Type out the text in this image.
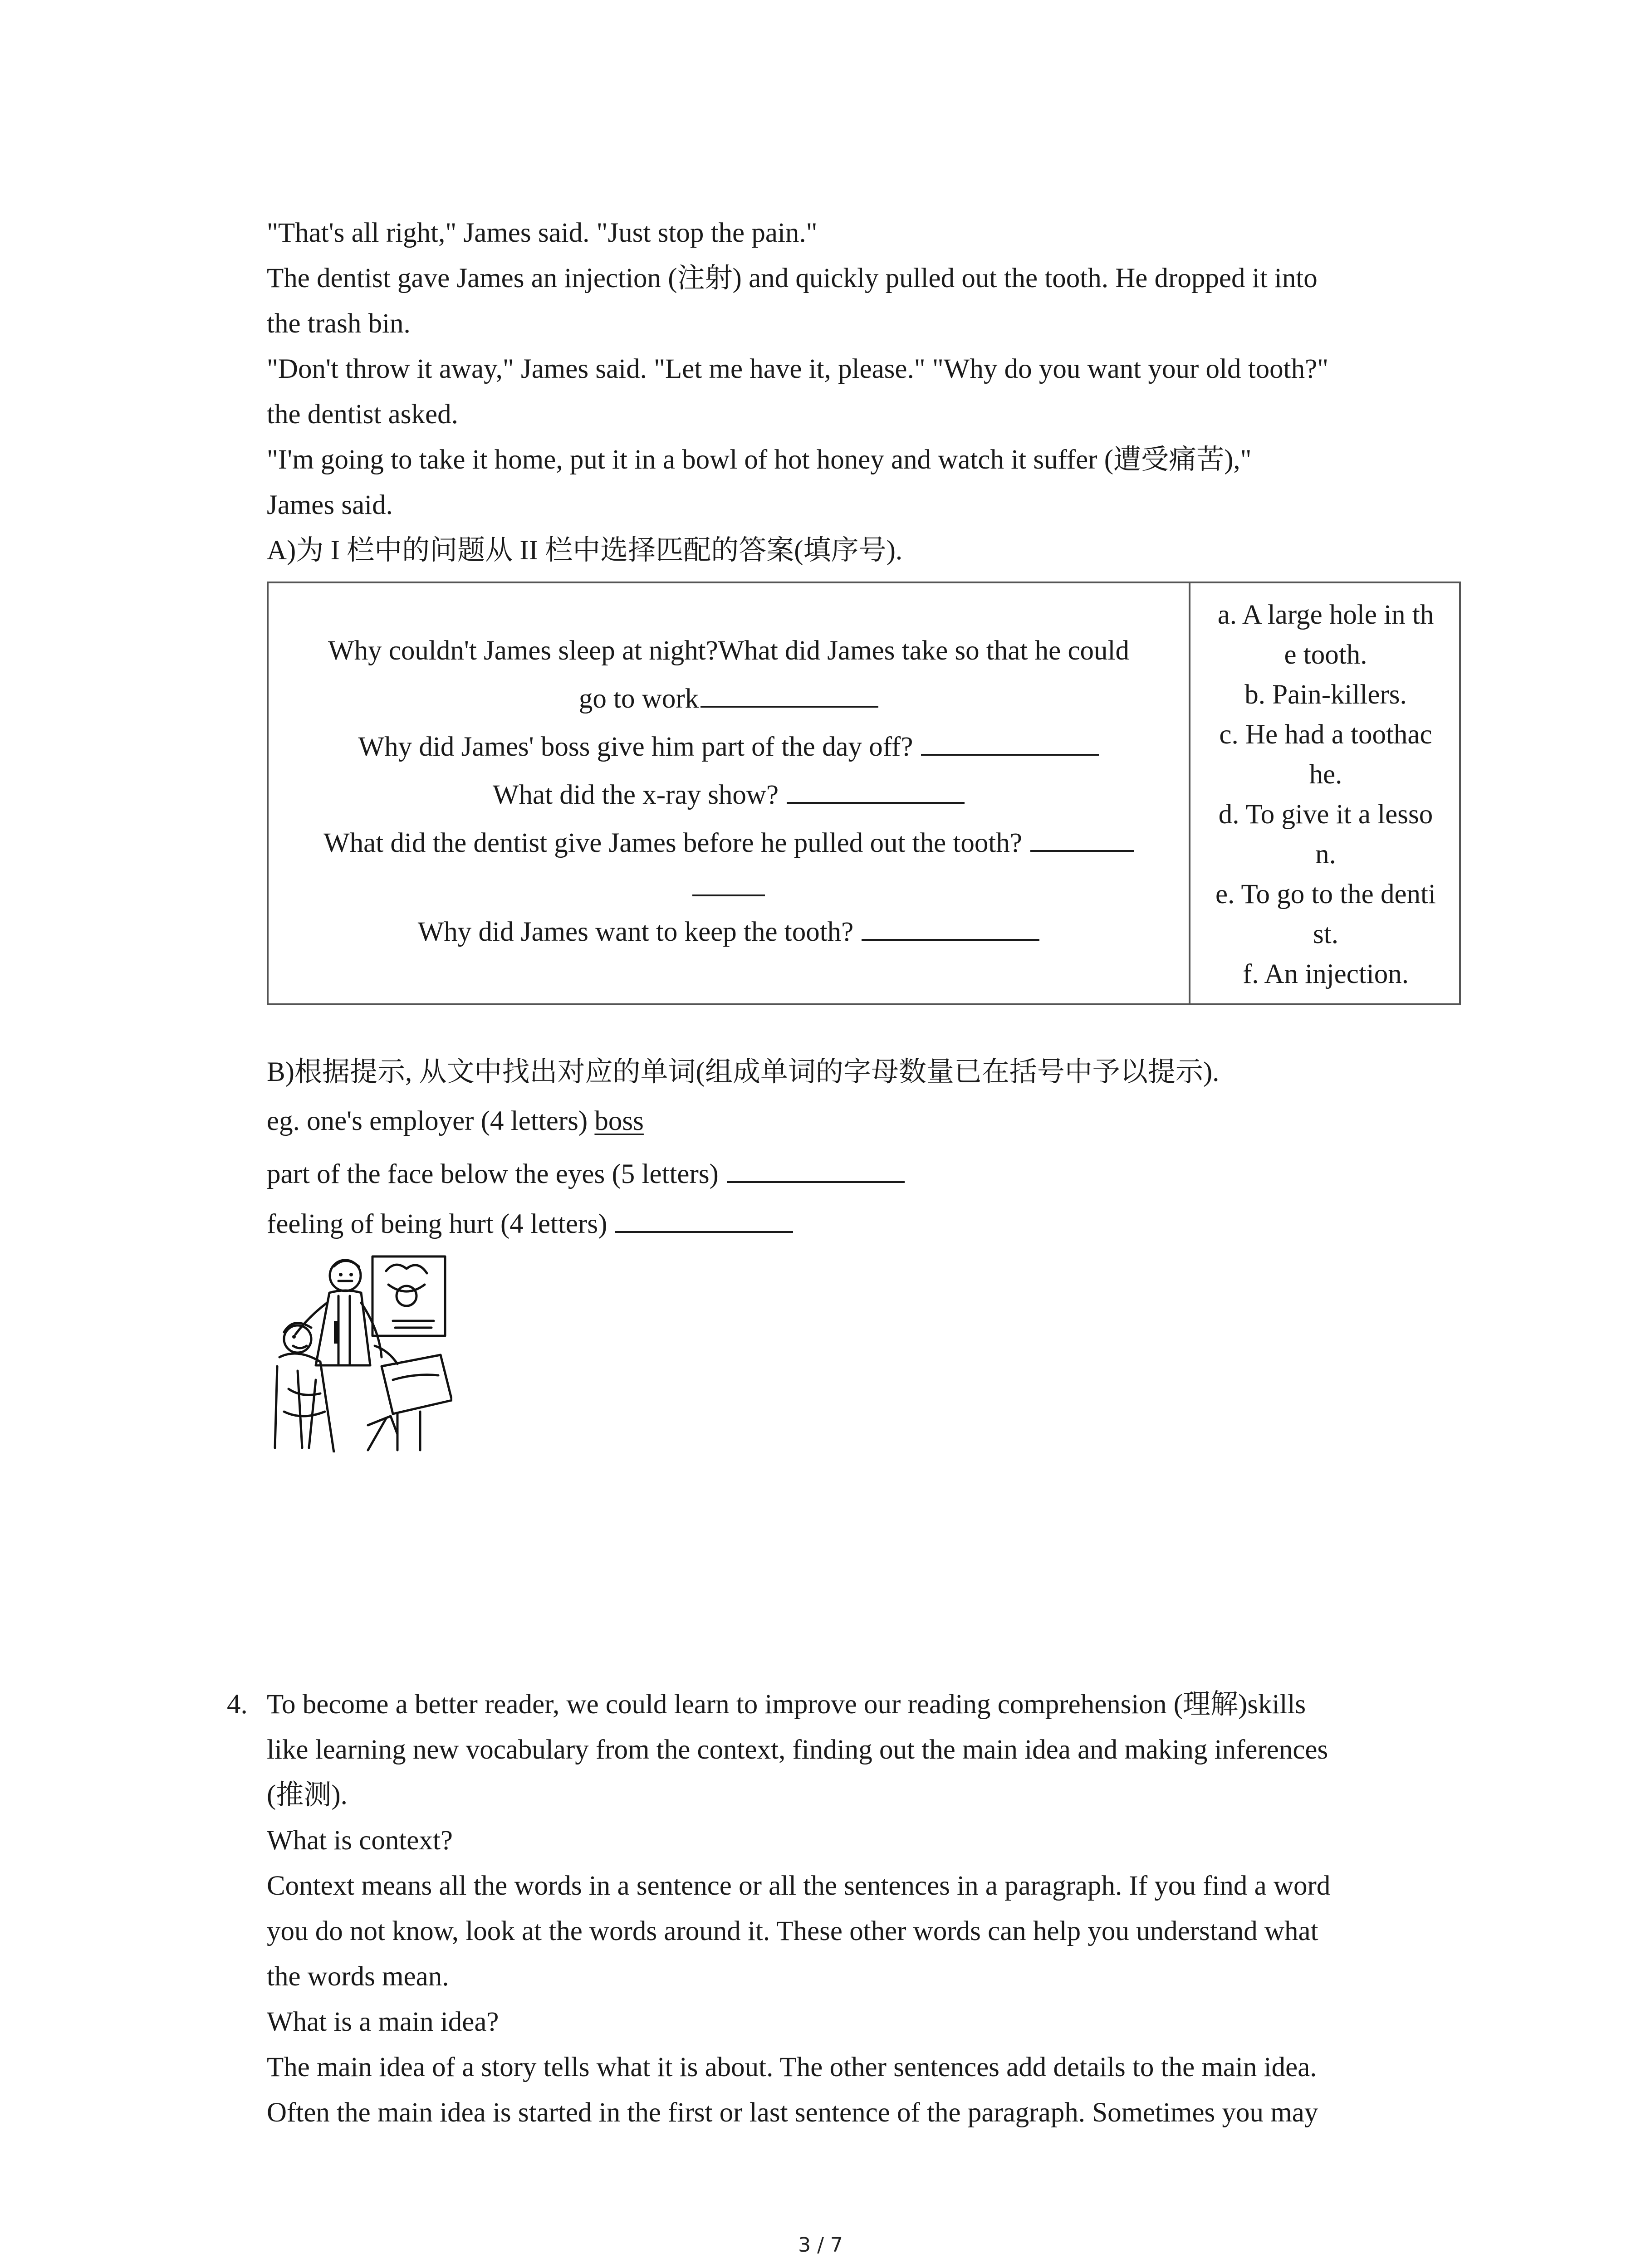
"That's all right," James said. "Just stop the pain."

The dentist gave James an injection (注射) and quickly pulled out the tooth. He dropped it into

the trash bin.

"Don't throw it away," James said. "Let me have it, please." "Why do you want your old tooth?"

the dentist asked.

"I'm going to take it home, put it in a bowl of hot honey and watch it suffer (遭受痛苦),"

James said.

A)为 I 栏中的问题从 II 栏中选择匹配的答案(填序号).

Why couldn't James sleep at night?What did James take so that he could

go to work

Why did James' boss give him part of the day off?

What did the x-ray show?

What did the dentist give James before he pulled out the tooth?

Why did James want to keep the tooth?

a. A large hole in th

e tooth.

b. Pain-killers.

c. He had a toothac

he.

d. To give it a lesso

n.

e. To go to the denti

st.

f. An injection.

B)根据提示, 从文中找出对应的单词(组成单词的字母数量已在括号中予以提示).

eg. one's employer (4 letters) boss

part of the face below the eyes (5 letters)

feeling of being hurt (4 letters)

4. To become a better reader, we could learn to improve our reading comprehension (理解)skills

like learning new vocabulary from the context, finding out the main idea and making inferences

(推测).

What is context?

Context means all the words in a sentence or all the sentences in a paragraph. If you find a word

you do not know, look at the words around it. These other words can help you understand what

the words mean.

What is a main idea?

The main idea of a story tells what it is about. The other sentences add details to the main idea.

Often the main idea is started in the first or last sentence of the paragraph. Sometimes you may

3 / 7
